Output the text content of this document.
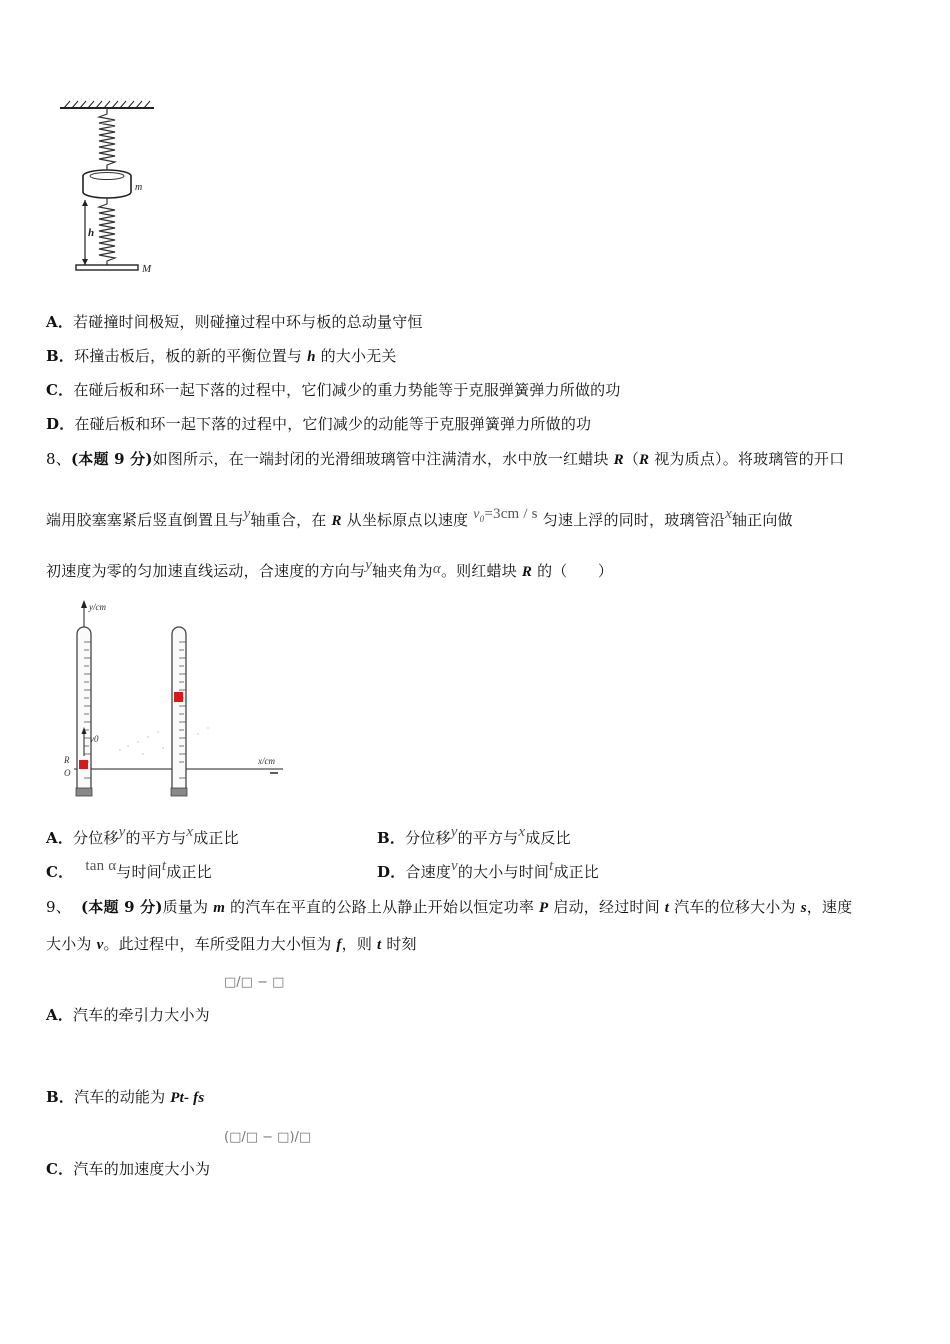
m
h
M
A．若碰撞时间极短，则碰撞过程中环与板的总动量守恒
B．环撞击板后，板的新的平衡位置与 h 的大小无关
C．在碰后板和环一起下落的过程中，它们减少的重力势能等于克服弹簧弹力所做的功
D．在碰后板和环一起下落的过程中，它们减少的动能等于克服弹簧弹力所做的功
8、(本题 9 分)如图所示，在一端封闭的光滑细玻璃管中注满清水，水中放一红蜡块 R（R 视为质点）。将玻璃管的开口
端用胶塞塞紧后竖直倒置且与y轴重合，在 R 从坐标原点以速度 $v_0=3cm / s$ 匀速上浮的同时，玻璃管沿x轴正向做
初速度为零的匀加速直线运动，合速度的方向与y轴夹角为α。则红蜡块 R 的（　　）
y/cm
x/cm
v0
R
O
A．分位移y的平方与x成正比	B．分位移y的平方与x成反比
C． tan α与时间t成正比	D．合速度v的大小与时间t成正比
9、 (本题 9 分)质量为 m 的汽车在平直的公路上从静止开始以恒定功率 P 启动，经过时间 t 汽车的位移大小为 s，速度
大小为 v。此过程中，车所受阻力大小恒为 f，则 t 时刻
A．汽车的牵引力大小为
□/□ − □
B．汽车的动能为 Pt- fs
C．汽车的加速度大小为
(□/□ − □)/□
